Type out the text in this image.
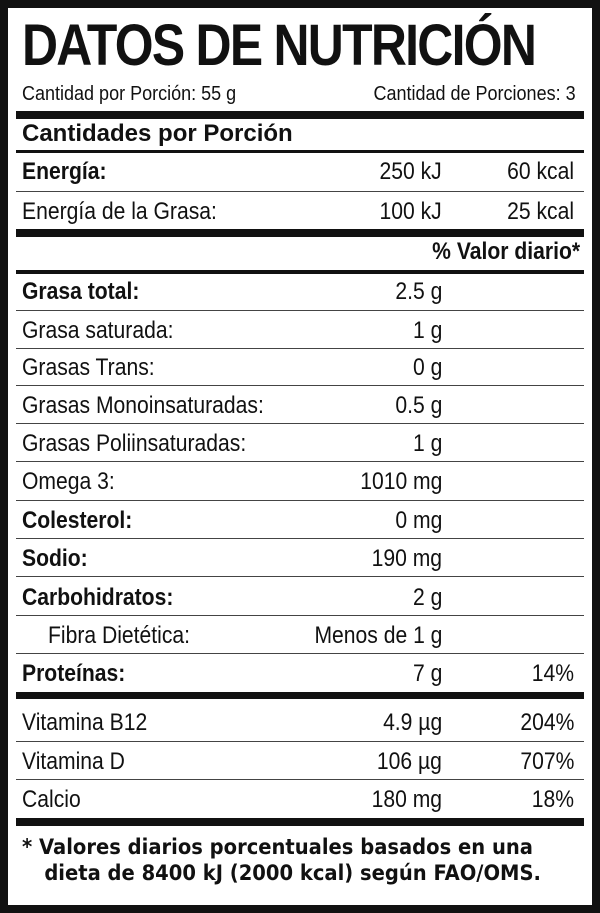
DATOS DE NUTRICIÓN
Cantidad por Porción: 55 g	Cantidad de Porciones: 3
Cantidades por Porción
Energía:	250 kJ	60 kcal
Energía de la Grasa:	100 kJ	25 kcal
% Valor diario*
Grasa total:	2.5 g
Grasa saturada:	1 g
Grasas Trans:	0 g
Grasas Monoinsaturadas:	0.5 g
Grasas Poliinsaturadas:	1 g
Omega 3:	1010 mg
Colesterol:	0 mg
Sodio:	190 mg
Carbohidratos:	2 g
Fibra Dietética:	Menos de 1 g
Proteínas:	7 g	14%
Vitamina B12	4.9 µg	204%
Vitamina D	106 µg	707%
Calcio	180 mg	18%
* Valores diarios porcentuales basados en una
dieta de 8400 kJ (2000 kcal) según FAO/OMS.
